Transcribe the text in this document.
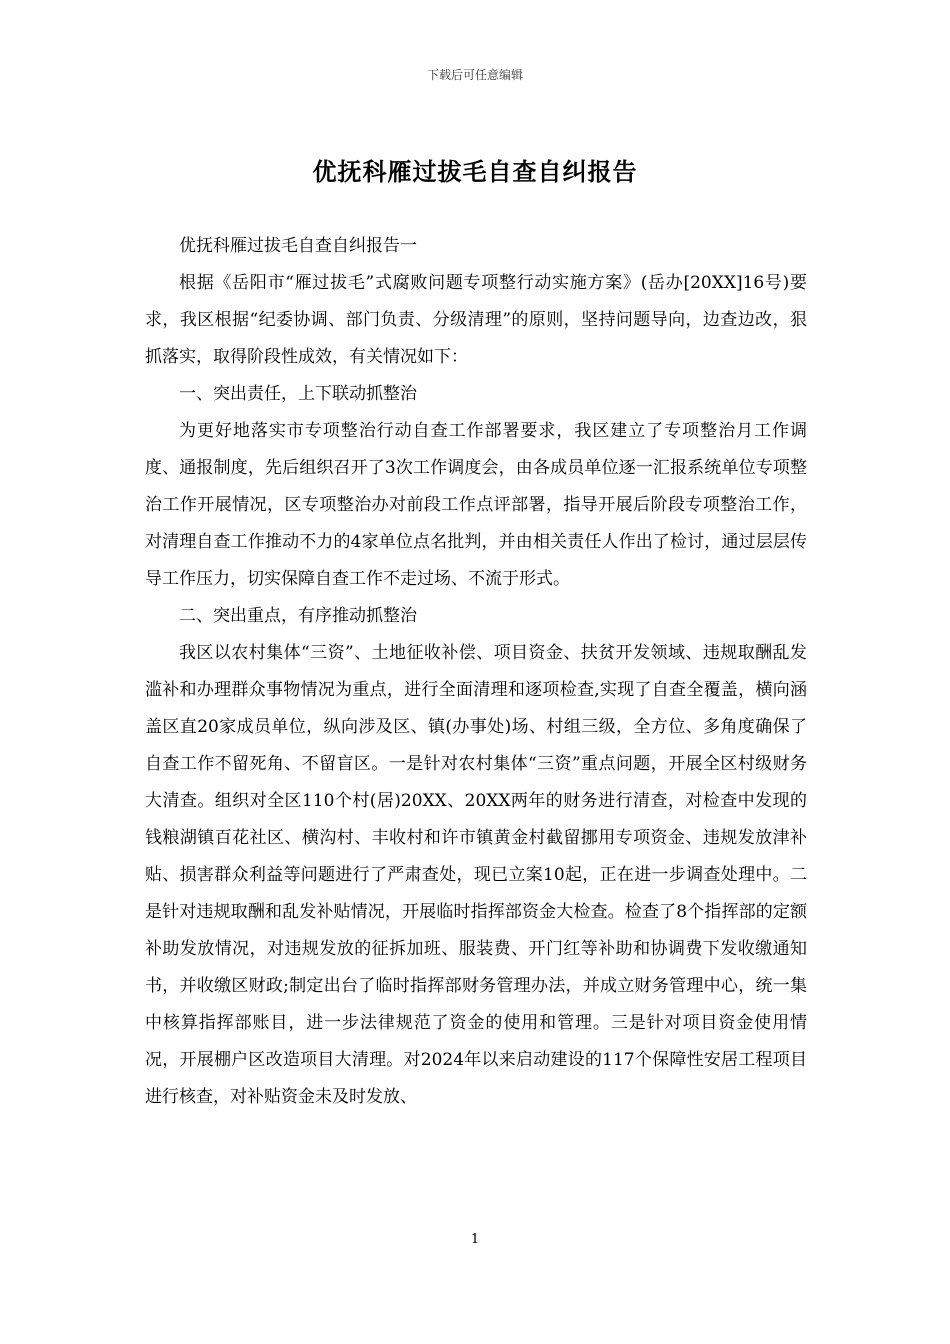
下载后可任意编辑
优抚科雁过拔毛自查自纠报告

优抚科雁过拔毛自查自纠报告一

根据《岳阳市“雁过拔毛”式腐败问题专项整行动实施方案》(岳办[20XX]16号)要求，我区根据“纪委协调、部门负责、分级清理”的原则，坚持问题导向，边查边改，狠抓落实，取得阶段性成效，有关情况如下：

一、突出责任，上下联动抓整治

为更好地落实市专项整治行动自查工作部署要求，我区建立了专项整治月工作调度、通报制度，先后组织召开了3次工作调度会，由各成员单位逐一汇报系统单位专项整治工作开展情况，区专项整治办对前段工作点评部署，指导开展后阶段专项整治工作，对清理自查工作推动不力的4家单位点名批判，并由相关责任人作出了检讨，通过层层传导工作压力，切实保障自查工作不走过场、不流于形式。

二、突出重点，有序推动抓整治

我区以农村集体“三资”、土地征收补偿、项目资金、扶贫开发领域、违规取酬乱发滥补和办理群众事物情况为重点，进行全面清理和逐项检查,实现了自查全覆盖，横向涵盖区直20家成员单位，纵向涉及区、镇(办事处)场、村组三级，全方位、多角度确保了自查工作不留死角、不留盲区。一是针对农村集体“三资”重点问题，开展全区村级财务大清查。组织对全区110个村(居)20XX、20XX两年的财务进行清查，对检查中发现的钱粮湖镇百花社区、横沟村、丰收村和许市镇黄金村截留挪用专项资金、违规发放津补贴、损害群众利益等问题进行了严肃查处，现已立案10起，正在进一步调查处理中。二是针对违规取酬和乱发补贴情况，开展临时指挥部资金大检查。检查了8个指挥部的定额补助发放情况，对违规发放的征拆加班、服装费、开门红等补助和协调费下发收缴通知书，并收缴区财政;制定出台了临时指挥部财务管理办法，并成立财务管理中心，统一集中核算指挥部账目，进一步法律规范了资金的使用和管理。三是针对项目资金使用情况，开展棚户区改造项目大清理。对2024年以来启动建设的117个保障性安居工程项目进行核查，对补贴资金未及时发放、

1
